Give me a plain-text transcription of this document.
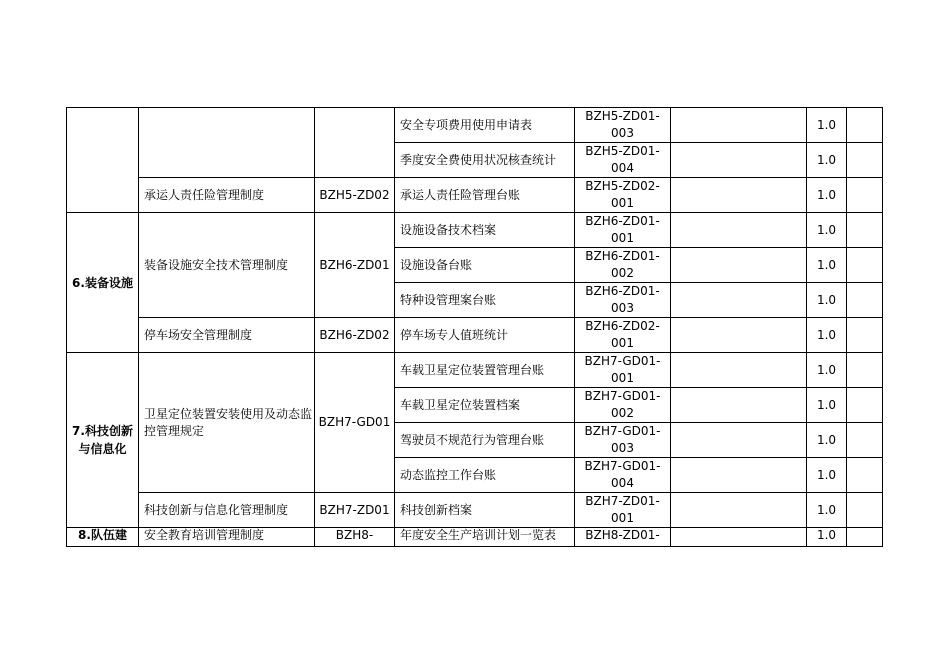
			安全专项费用使用申请表	BZH5-ZD01-003		1.0	
			季度安全费使用状况核查统计	BZH5-ZD01-004		1.0	
	承运人责任险管理制度	BZH5-ZD02	承运人责任险管理台账	BZH5-ZD02-001		1.0	
6.装备设施	装备设施安全技术管理制度	BZH6-ZD01	设施设备技术档案	BZH6-ZD01-001		1.0	
			设施设备台账	BZH6-ZD01-002		1.0	
			特种设管理案台账	BZH6-ZD01-003		1.0	
	停车场安全管理制度	BZH6-ZD02	停车场专人值班统计	BZH6-ZD02-001		1.0	
7.科技创新与信息化	卫星定位装置安装使用及动态监控管理规定	BZH7-GD01	车载卫星定位装置管理台账	BZH7-GD01-001		1.0	
			车载卫星定位装置档案	BZH7-GD01-002		1.0	
			驾驶员不规范行为管理台账	BZH7-GD01-003		1.0	
			动态监控工作台账	BZH7-GD01-004		1.0	
	科技创新与信息化管理制度	BZH7-ZD01	科技创新档案	BZH7-ZD01-001		1.0	
8.队伍建	安全教育培训管理制度	BZH8-	年度安全生产培训计划一览表	BZH8-ZD01-		1.0	
